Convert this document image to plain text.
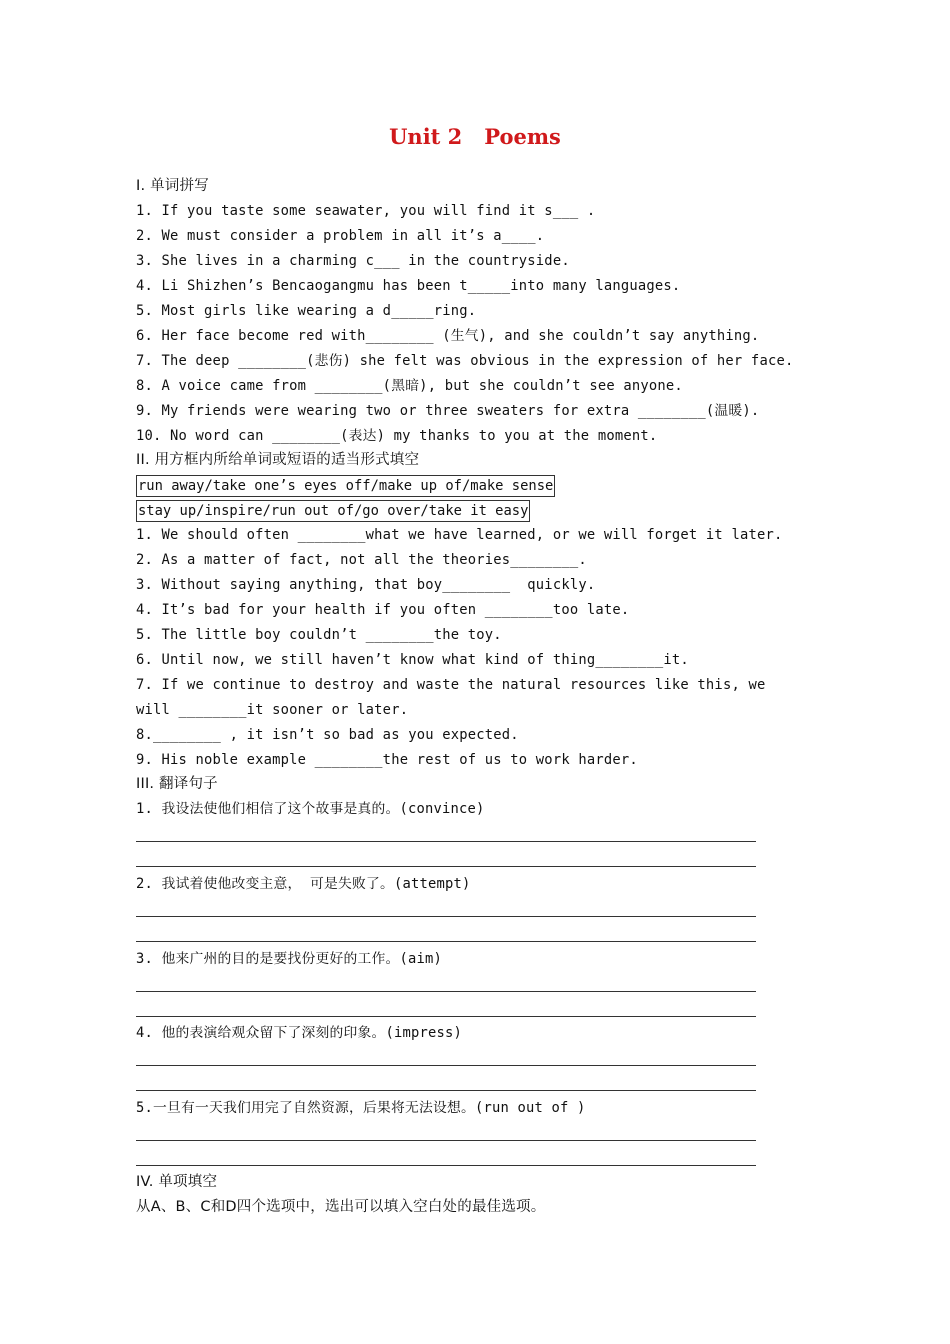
Unit 2   Poems
I. 单词拼写
1. If you taste some seawater, you will find it s___ .
2. We must consider a problem in all it’s a____.
3. She lives in a charming c___ in the countryside.
4. Li Shizhen’s Bencaogangmu has been t_____into many languages.
5. Most girls like wearing a d_____ring.
6. Her face become red with________ (生气), and she couldn’t say anything.
7. The deep ________(悲伤) she felt was obvious in the expression of her face.
8. A voice came from ________(黑暗), but she couldn’t see anyone.
9. My friends were wearing two or three sweaters for extra ________(温暖).
10. No word can ________(表达) my thanks to you at the moment.
II. 用方框内所给单词或短语的适当形式填空
run away/take one’s eyes off/make up of/make sense
stay up/inspire/run out of/go over/take it easy
1. We should often ________what we have learned, or we will forget it later.
2. As a matter of fact, not all the theories________.
3. Without saying anything, that boy________  quickly.
4. It’s bad for your health if you often ________too late.
5. The little boy couldn’t ________the toy.
6. Until now, we still haven’t know what kind of thing________it.
7. If we continue to destroy and waste the natural resources like this, we
will ________it sooner or later.
8.________ , it isn’t so bad as you expected.
9. His noble example ________the rest of us to work harder.
III. 翻译句子
1. 我设法使他们相信了这个故事是真的。(convince)
2. 我试着使他改变主意， 可是失败了。(attempt)
3. 他来广州的目的是要找份更好的工作。(aim)
4. 他的表演给观众留下了深刻的印象。(impress)
5.一旦有一天我们用完了自然资源，后果将无法设想。(run out of )
IV. 单项填空
从A、B、C和D四个选项中，选出可以填入空白处的最佳选项。
